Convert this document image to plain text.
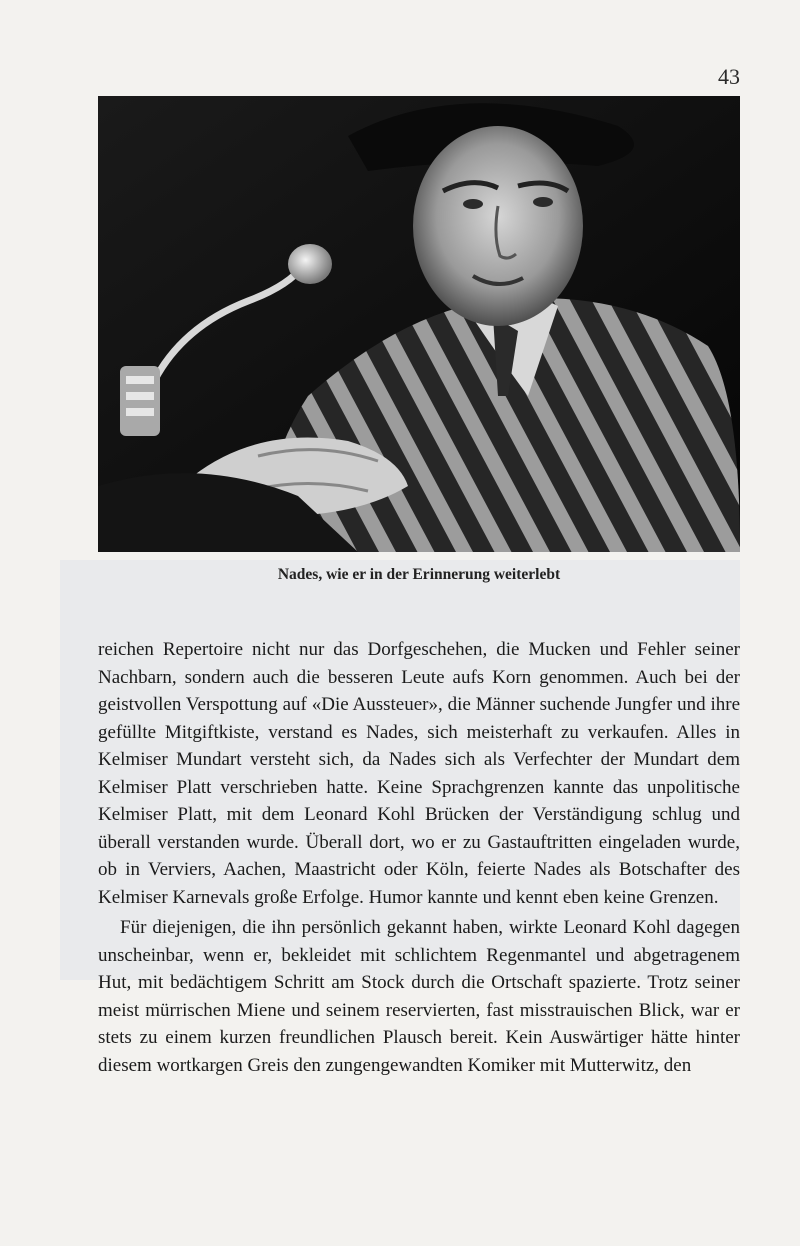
43
Nades, wie er in der Erinnerung weiterlebt

reichen Repertoire nicht nur das Dorfgeschehen, die Mucken und Fehler seiner Nachbarn, sondern auch die besseren Leute aufs Korn genommen. Auch bei der geistvollen Verspottung auf «Die Aussteuer», die Männer suchende Jungfer und ihre gefüllte Mitgiftkiste, verstand es Nades, sich meisterhaft zu verkaufen. Alles in Kelmiser Mundart versteht sich, da Nades sich als Verfechter der Mundart dem Kelmiser Platt verschrieben hatte. Keine Sprachgrenzen kannte das unpolitische Kelmiser Platt, mit dem Leonard Kohl Brücken der Verständigung schlug und überall verstanden wurde. Überall dort, wo er zu Gastauftritten eingeladen wurde, ob in Verviers, Aachen, Maastricht oder Köln, feierte Nades als Botschafter des Kelmiser Karnevals große Erfolge. Humor kannte und kennt eben keine Grenzen.

Für diejenigen, die ihn persönlich gekannt haben, wirkte Leonard Kohl dagegen unscheinbar, wenn er, bekleidet mit schlichtem Regenmantel und abgetragenem Hut, mit bedächtigem Schritt am Stock durch die Ortschaft spazierte. Trotz seiner meist mürrischen Miene und seinem reservierten, fast misstrauischen Blick, war er stets zu einem kurzen freundlichen Plausch bereit. Kein Auswärtiger hätte hinter diesem wortkargen Greis den zungengewandten Komiker mit Mutterwitz, den
